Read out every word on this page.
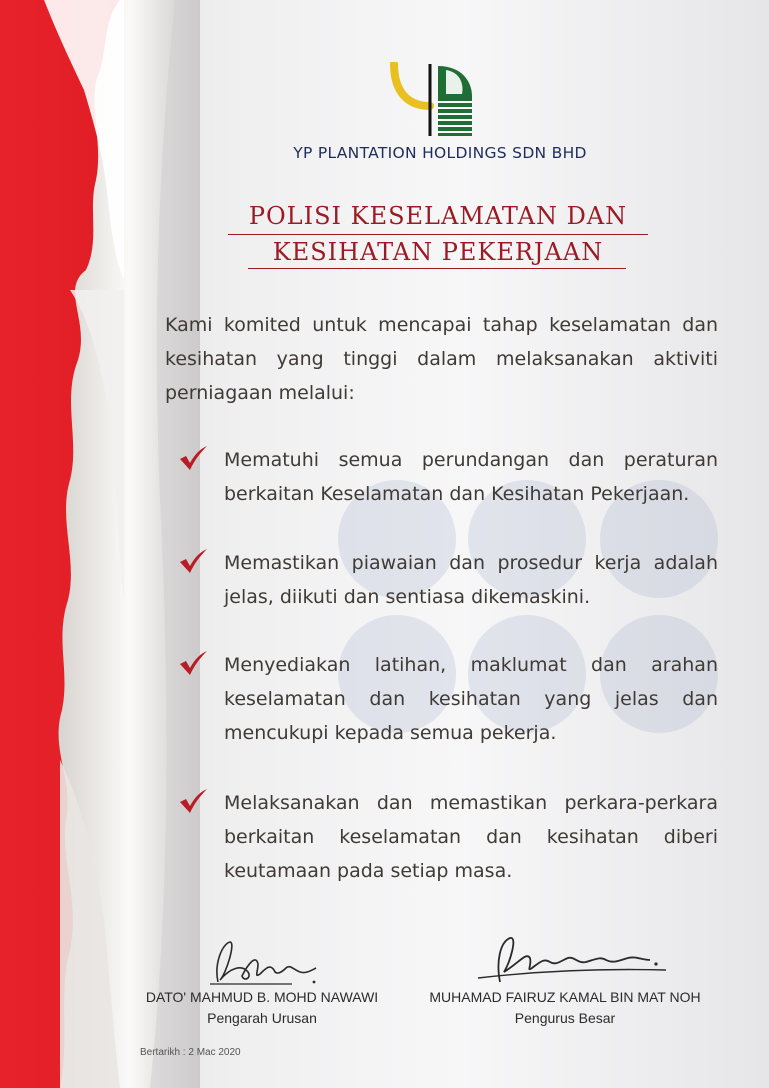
YP PLANTATION HOLDINGS SDN BHD
POLISI KESELAMATAN DAN
KESIHATAN PEKERJAAN
Kami komited untuk mencapai tahap keselamatan dan kesihatan yang tinggi dalam melaksanakan aktiviti perniagaan melalui:
Mematuhi semua perundangan dan peraturan berkaitan Keselamatan dan Kesihatan Pekerjaan.
Memastikan piawaian dan prosedur kerja adalah jelas, diikuti dan sentiasa dikemaskini.
Menyediakan latihan, maklumat dan arahan keselamatan dan kesihatan yang jelas dan mencukupi kepada semua pekerja.
Melaksanakan dan memastikan perkara-perkara berkaitan keselamatan dan kesihatan diberi keutamaan pada setiap masa.
DATO' MAHMUD B. MOHD NAWAWI
Pengarah Urusan
MUHAMAD FAIRUZ KAMAL BIN MAT NOH
Pengurus Besar
Bertarikh : 2 Mac 2020
